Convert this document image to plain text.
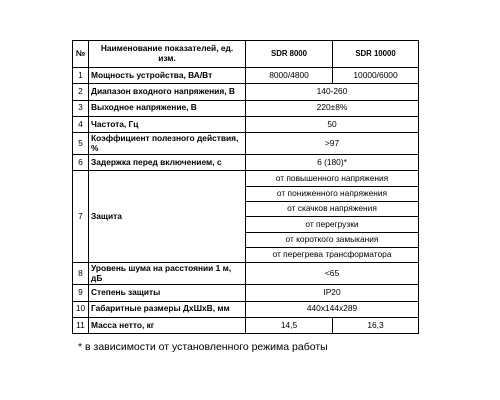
№	Наименование показателей, ед. изм.	SDR 8000	SDR 10000
1	Мощность устройства, ВА/Вт	8000/4800	10000/6000
2	Диапазон входного напряжения, В	140-260	
3	Выходное напряжение, В	220±8%	
4	Частота, Гц	50	
5	Коэффициент полезного действия, %	>97	
6	Задержка перед включением, с	6 (180)*	
7	Защита	от повышенного напряжения	
		от пониженного напряжения	
		от скачков напряжения	
		от перегрузки	
		от короткого замыкания	
		от перегрева трансформатора	
8	Уровень шума на расстоянии 1 м, дБ	<65	
9	Степень защиты	IP20	
10	Габаритные размеры ДхШхВ, мм	440х144х289	
11	Масса нетто, кг	14,5	16,3
* в зависимости от установленного режима работы
